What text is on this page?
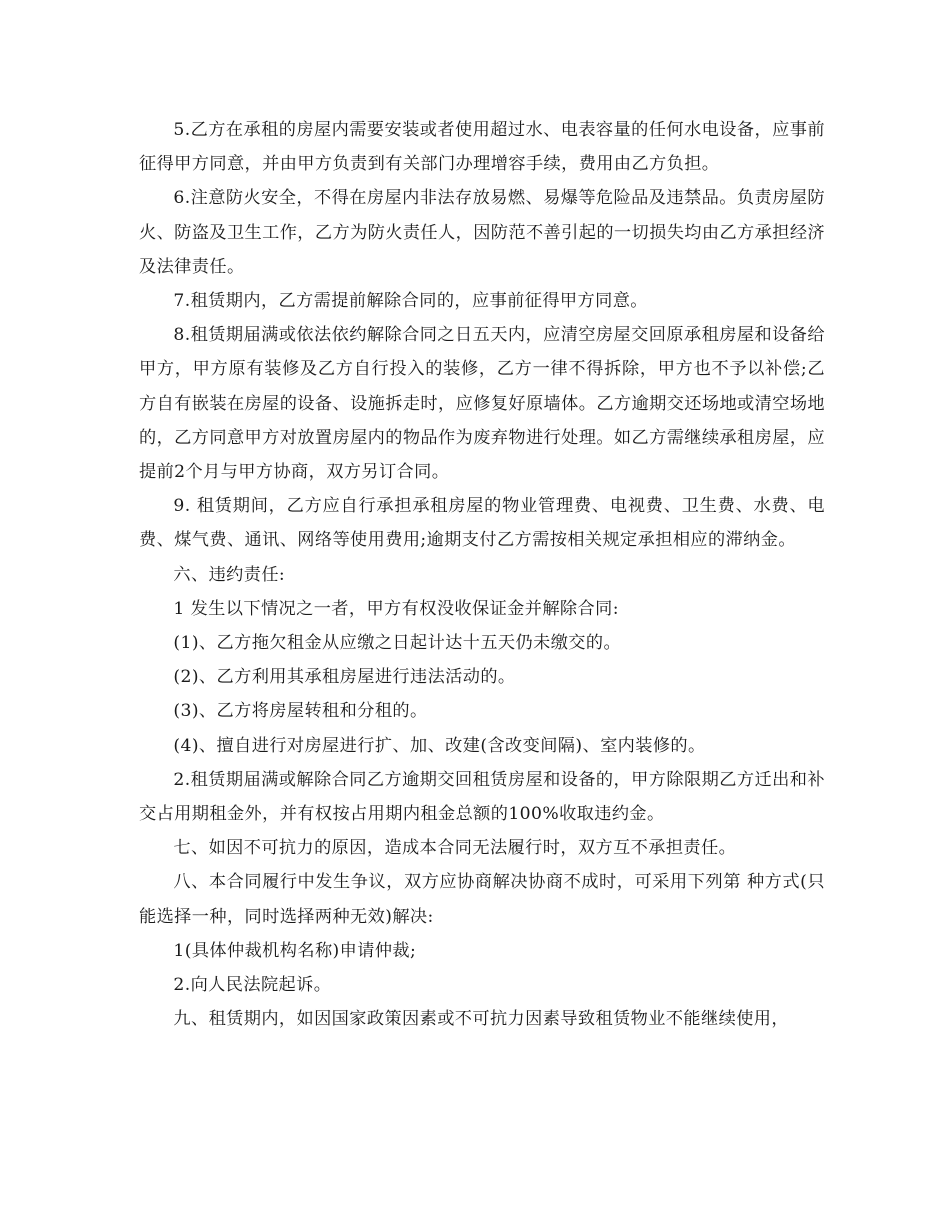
5.乙方在承租的房屋内需要安装或者使用超过水、电表容量的任何水电设备，应事前征得甲方同意，并由甲方负责到有关部门办理增容手续，费用由乙方负担。

6.注意防火安全，不得在房屋内非法存放易燃、易爆等危险品及违禁品。负责房屋防火、防盗及卫生工作，乙方为防火责任人，因防范不善引起的一切损失均由乙方承担经济及法律责任。

7.租赁期内，乙方需提前解除合同的，应事前征得甲方同意。

8.租赁期届满或依法依约解除合同之日五天内，应清空房屋交回原承租房屋和设备给甲方，甲方原有装修及乙方自行投入的装修，乙方一律不得拆除，甲方也不予以补偿;乙方自有嵌装在房屋的设备、设施拆走时，应修复好原墙体。乙方逾期交还场地或清空场地的，乙方同意甲方对放置房屋内的物品作为废弃物进行处理。如乙方需继续承租房屋，应提前2个月与甲方协商，双方另订合同。

9. 租赁期间，乙方应自行承担承租房屋的物业管理费、电视费、卫生费、水费、电费、煤气费、通讯、网络等使用费用;逾期支付乙方需按相关规定承担相应的滞纳金。

六、违约责任:

1 发生以下情况之一者，甲方有权没收保证金并解除合同:

(1)、乙方拖欠租金从应缴之日起计达十五天仍未缴交的。

(2)、乙方利用其承租房屋进行违法活动的。

(3)、乙方将房屋转租和分租的。

(4)、擅自进行对房屋进行扩、加、改建(含改变间隔)、室内装修的。

2.租赁期届满或解除合同乙方逾期交回租赁房屋和设备的，甲方除限期乙方迁出和补交占用期租金外，并有权按占用期内租金总额的100%收取违约金。

七、如因不可抗力的原因，造成本合同无法履行时，双方互不承担责任。

八、本合同履行中发生争议，双方应协商解决协商不成时，可采用下列第 种方式(只能选择一种，同时选择两种无效)解决:

1(具体仲裁机构名称)申请仲裁;

2.向人民法院起诉。

九、租赁期内，如因国家政策因素或不可抗力因素导致租赁物业不能继续使用，
